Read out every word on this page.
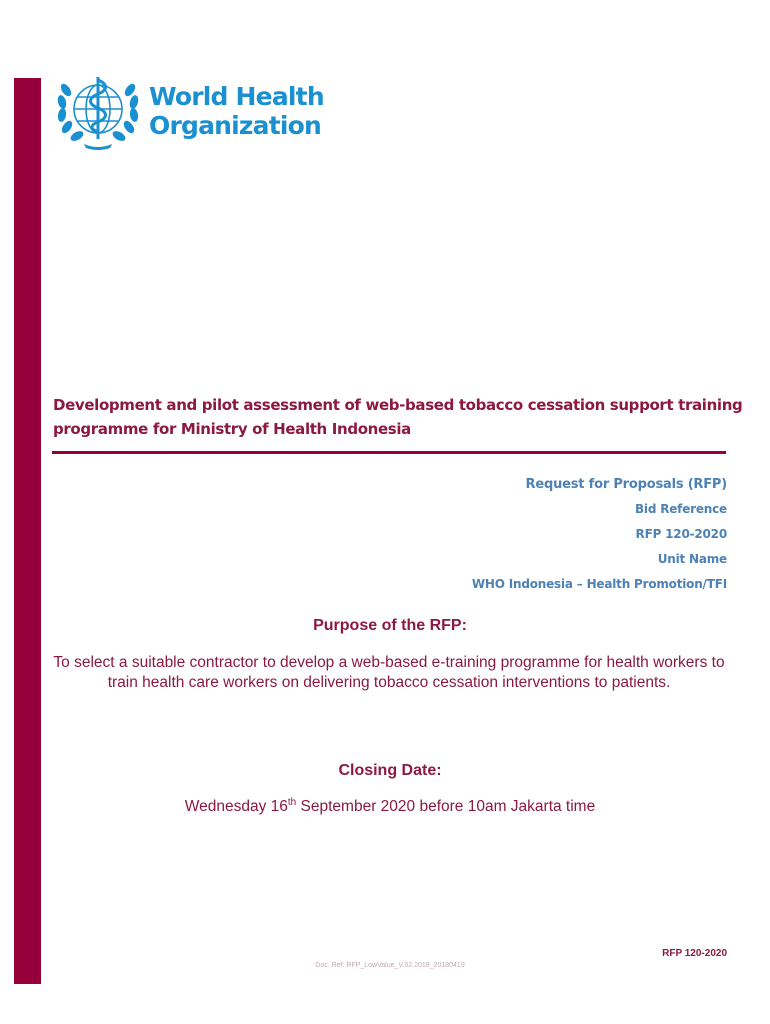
World Health
Organization
Development and pilot assessment of web-based tobacco cessation support training programme for Ministry of Health Indonesia
Request for Proposals (RFP)
Bid Reference
RFP 120-2020
Unit Name
WHO Indonesia – Health Promotion/TFI
Purpose of the RFP:
To select a suitable contractor to develop a web-based e-training programme for health workers to train health care workers on delivering tobacco cessation interventions to patients.
Closing Date:
Wednesday 16th September 2020 before 10am Jakarta time
RFP 120-2020
Doc. Ref: RFP_LowValue_V.02.2018_20180419
